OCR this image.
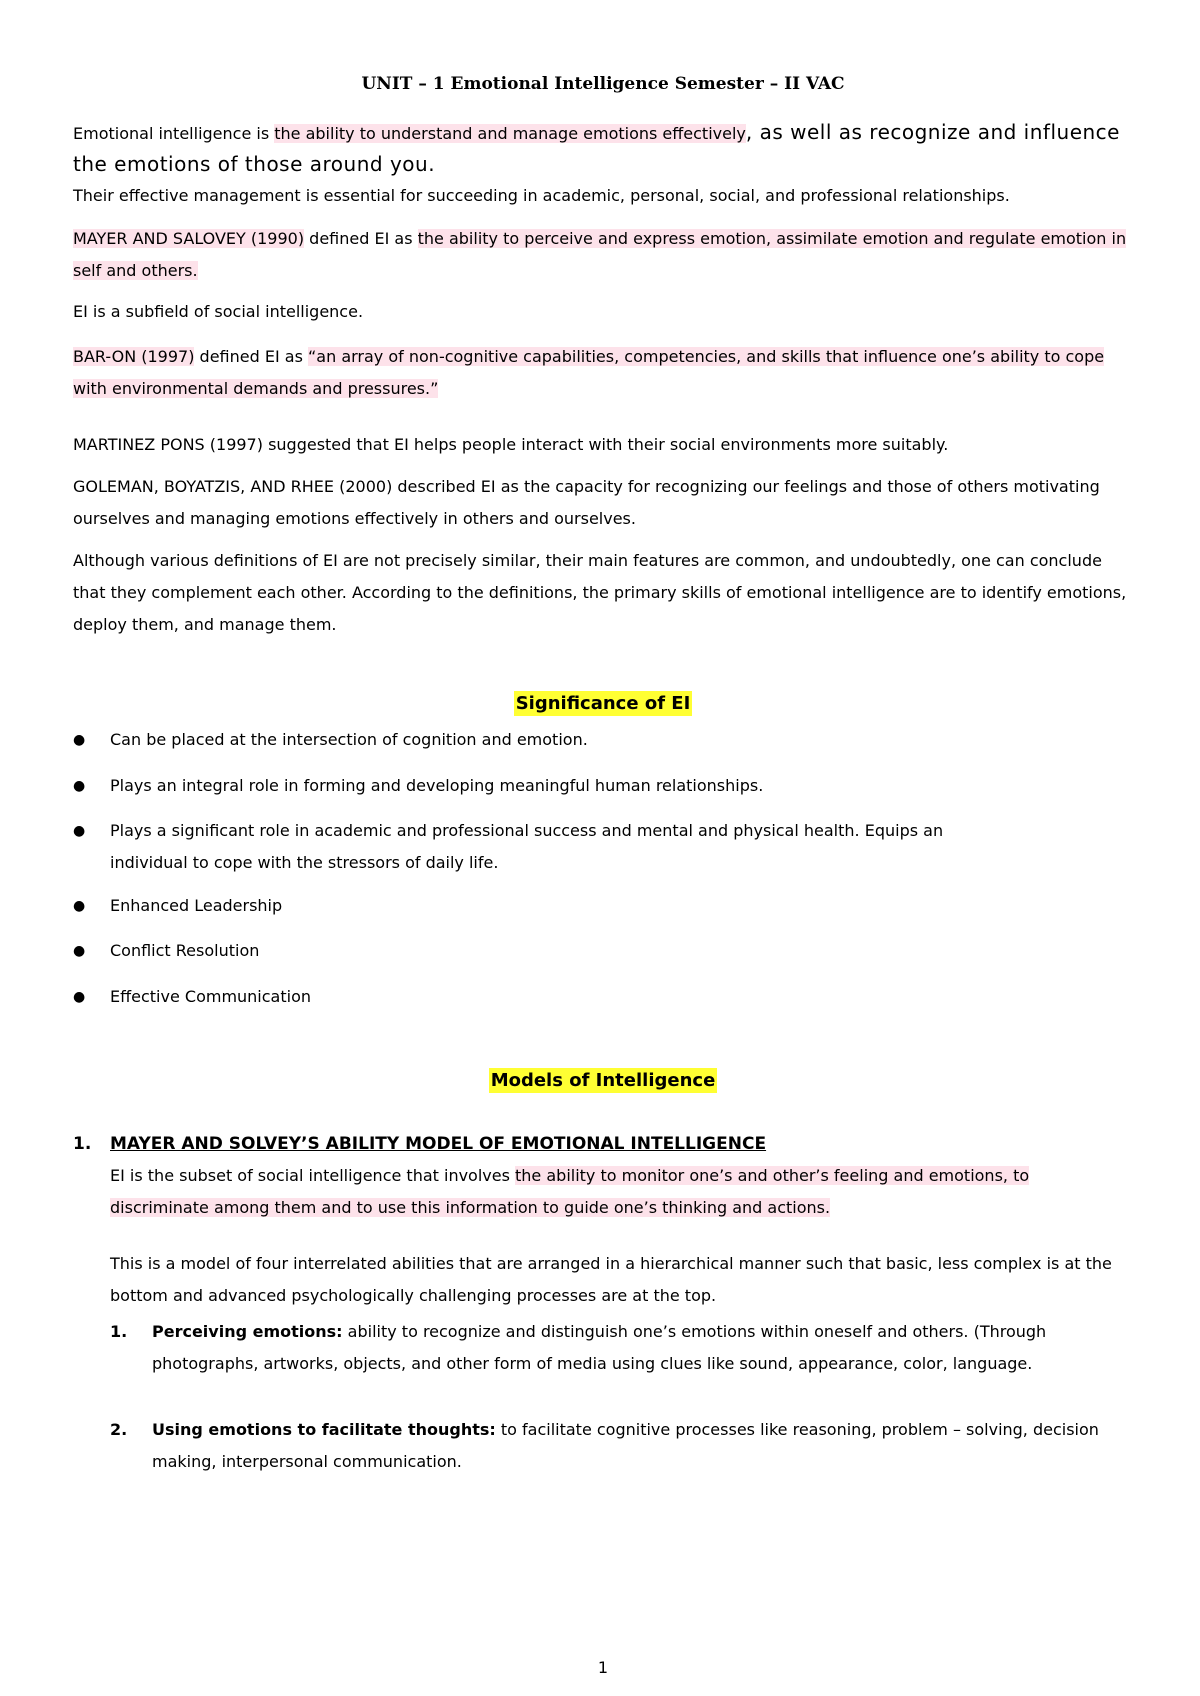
UNIT – 1 Emotional Intelligence Semester – II VAC
Emotional intelligence is the ability to understand and manage emotions effectively, as well as recognize and influence the emotions of those around you.
Their effective management is essential for succeeding in academic, personal, social, and professional relationships.
MAYER AND SALOVEY (1990) defined EI as the ability to perceive and express emotion, assimilate emotion and regulate emotion in self and others.
EI is a subfield of social intelligence.
BAR-ON (1997) defined EI as “an array of non-cognitive capabilities, competencies, and skills that influence one’s ability to cope with environmental demands and pressures.”
MARTINEZ PONS (1997) suggested that EI helps people interact with their social environments more suitably.
GOLEMAN, BOYATZIS, AND RHEE (2000) described EI as the capacity for recognizing our feelings and those of others motivating ourselves and managing emotions effectively in others and ourselves.
Although various definitions of EI are not precisely similar, their main features are common, and undoubtedly, one can conclude that they complement each other. According to the definitions, the primary skills of emotional intelligence are to identify emotions, deploy them, and manage them.
Significance of EI
●	Can be placed at the intersection of cognition and emotion.
●	Plays an integral role in forming and developing meaningful human relationships.
●	Plays a significant role in academic and professional success and mental and physical health. Equips an individual to cope with the stressors of daily life.
●	Enhanced Leadership
●	Conflict Resolution
●	Effective Communication
Models of Intelligence
1. MAYER AND SOLVEY’S ABILITY MODEL OF EMOTIONAL INTELLIGENCE
EI is the subset of social intelligence that involves the ability to monitor one’s and other’s feeling and emotions, to discriminate among them and to use this information to guide one’s thinking and actions.
This is a model of four interrelated abilities that are arranged in a hierarchical manner such that basic, less complex is at the bottom and advanced psychologically challenging processes are at the top.
1. Perceiving emotions: ability to recognize and distinguish one’s emotions within oneself and others. (Through photographs, artworks, objects, and other form of media using clues like sound, appearance, color, language.
2. Using emotions to facilitate thoughts: to facilitate cognitive processes like reasoning, problem – solving, decision making, interpersonal communication.
1
